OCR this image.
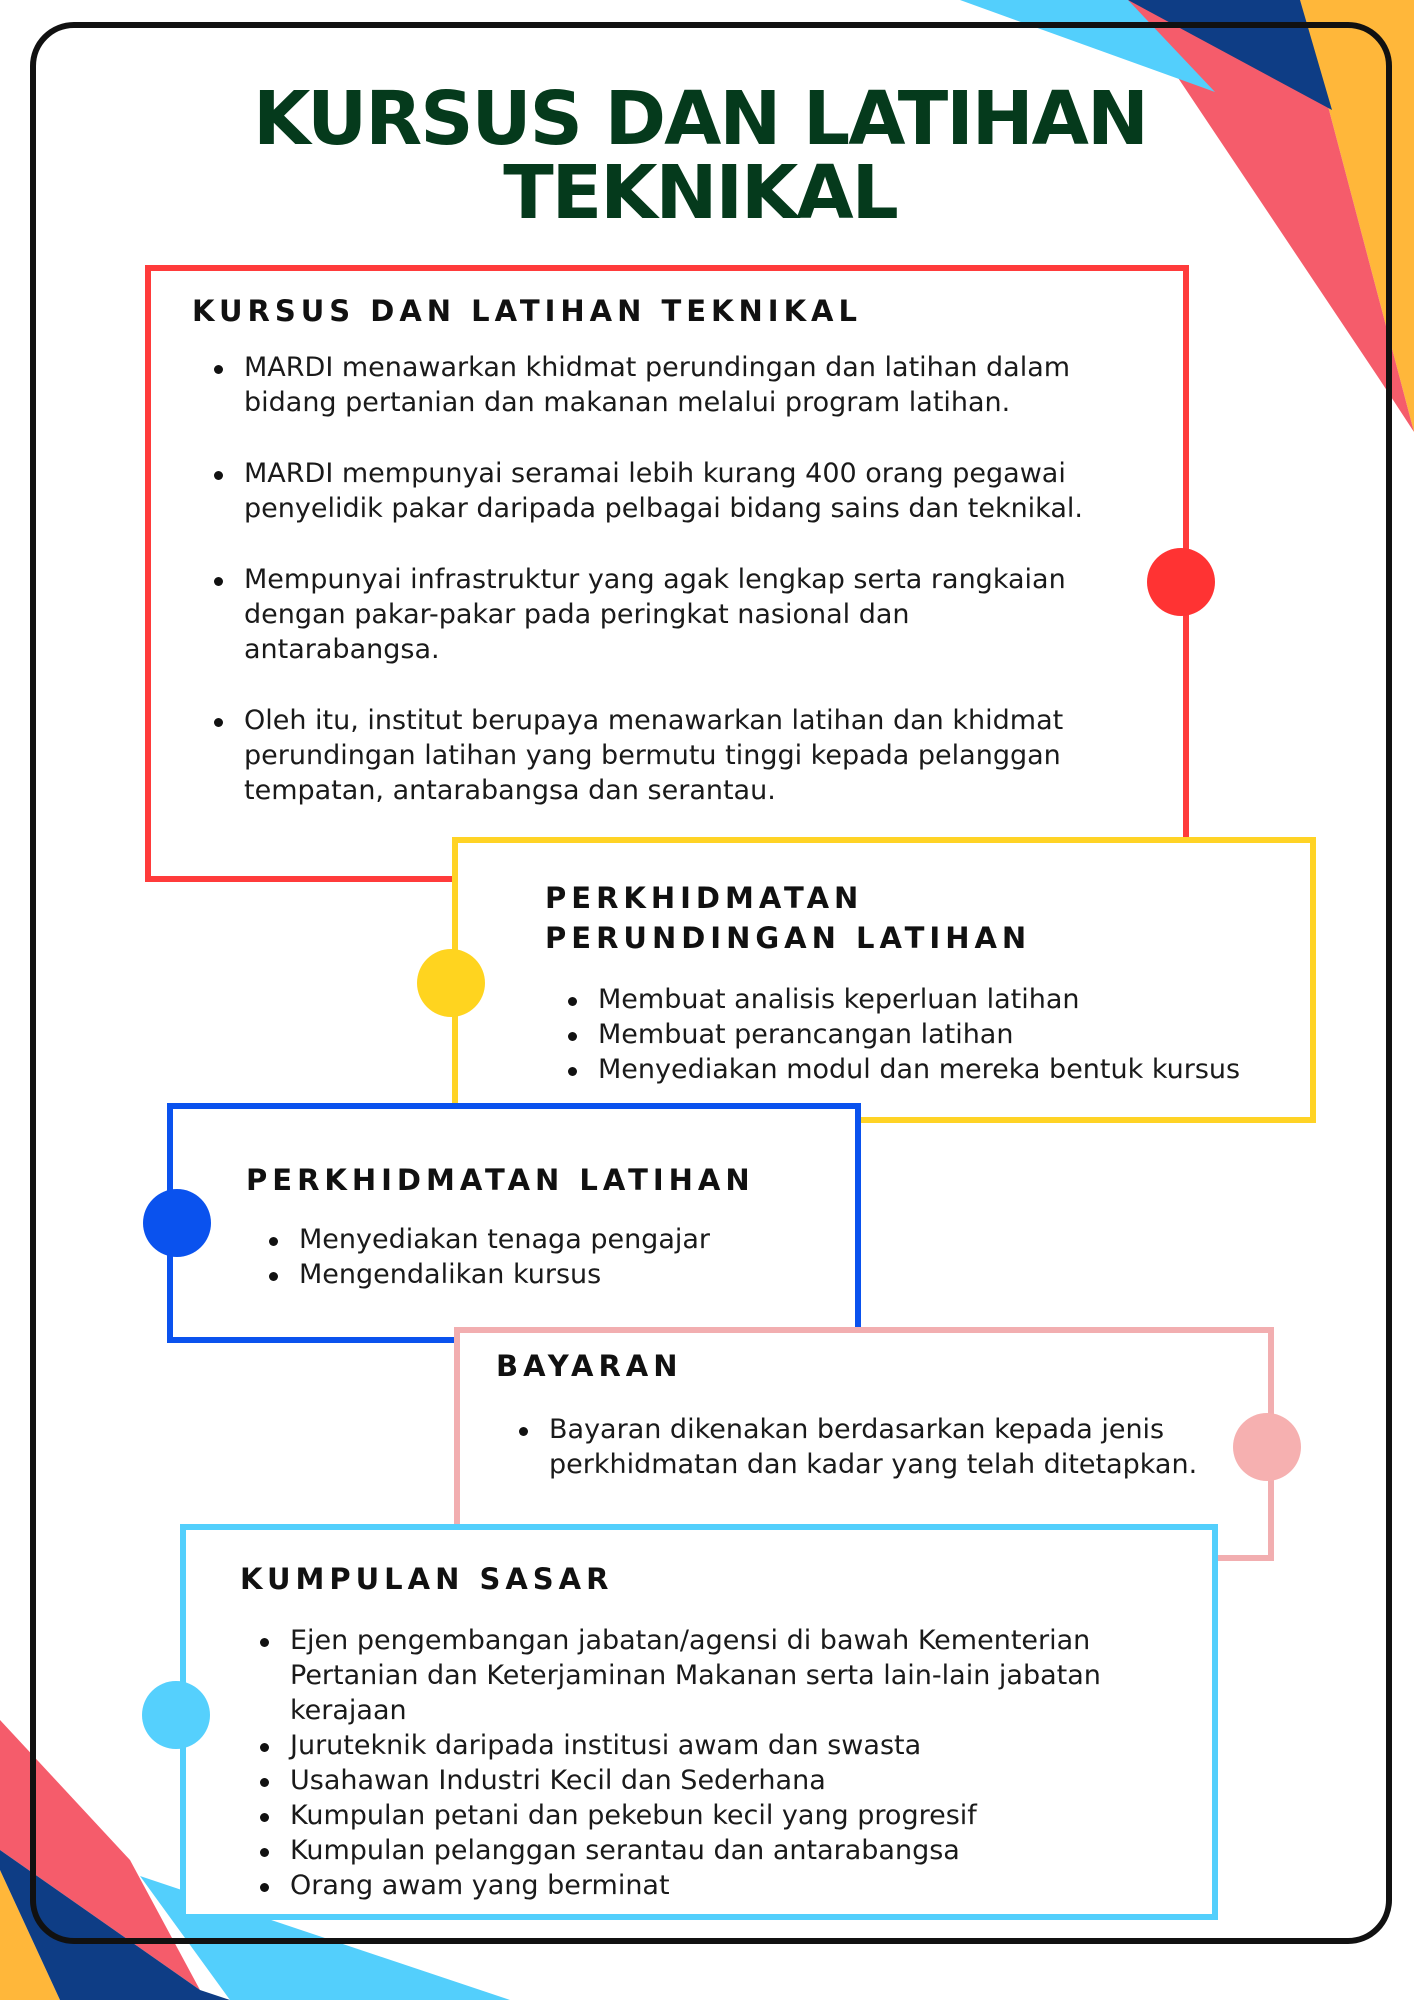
KURSUS DAN LATIHAN
TEKNIKAL
KURSUS DAN LATIHAN TEKNIKAL
MARDI menawarkan khidmat perundingan dan latihan dalam bidang pertanian dan makanan melalui program latihan.
MARDI mempunyai seramai lebih kurang 400 orang pegawai penyelidik pakar daripada pelbagai bidang sains dan teknikal.
Mempunyai infrastruktur yang agak lengkap serta rangkaian dengan pakar-pakar pada peringkat nasional dan antarabangsa.
Oleh itu, institut berupaya menawarkan latihan dan khidmat perundingan latihan yang bermutu tinggi kepada pelanggan tempatan, antarabangsa dan serantau.
PERKHIDMATAN
PERUNDINGAN LATIHAN
Membuat analisis keperluan latihan
Membuat perancangan latihan
Menyediakan modul dan mereka bentuk kursus
PERKHIDMATAN LATIHAN
Menyediakan tenaga pengajar
Mengendalikan kursus
BAYARAN
Bayaran dikenakan berdasarkan kepada jenis perkhidmatan dan kadar yang telah ditetapkan.
KUMPULAN SASAR
Ejen pengembangan jabatan/agensi di bawah Kementerian Pertanian dan Keterjaminan Makanan serta lain-lain jabatan kerajaan
Juruteknik daripada institusi awam dan swasta
Usahawan Industri Kecil dan Sederhana
Kumpulan petani dan pekebun kecil yang progresif
Kumpulan pelanggan serantau dan antarabangsa
Orang awam yang berminat
